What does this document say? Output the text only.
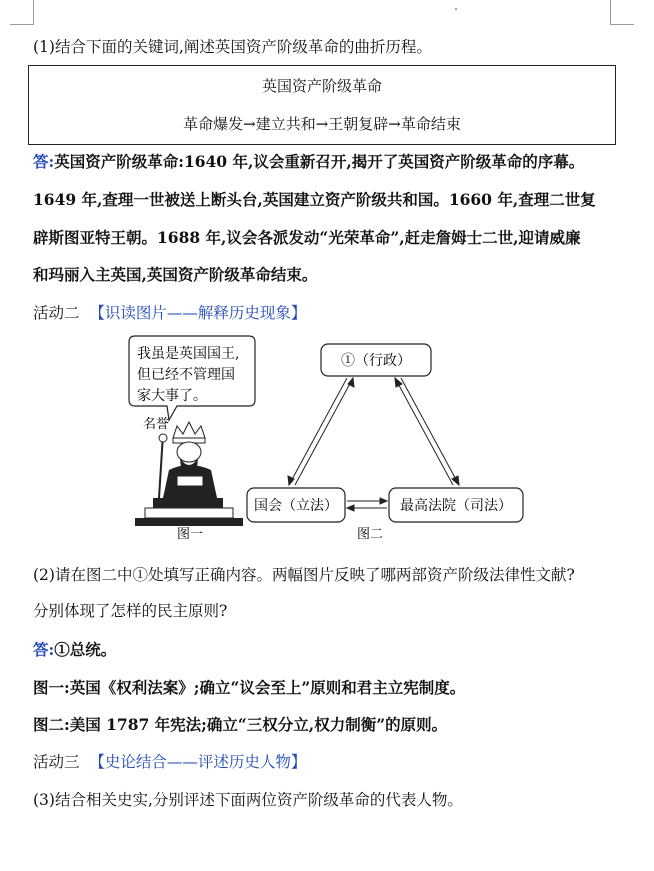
(1)结合下面的关键词,阐述英国资产阶级革命的曲折历程。
英国资产阶级革命
革命爆发→建立共和→王朝复辟→革命结束
答:英国资产阶级革命:1640 年,议会重新召开,揭开了英国资产阶级革命的序幕。
1649 年,查理一世被送上断头台,英国建立资产阶级共和国。1660 年,查理二世复
辟斯图亚特王朝。1688 年,议会各派发动“光荣革命”,赶走詹姆士二世,迎请威廉
和玛丽入主英国,英国资产阶级革命结束。
活动二 【识读图片——解释历史现象】
我虽是英国国王,
但已经不管理国
家大事了。
名誉
图一
①（行政）
国会（立法）	最高法院（司法）
图二
(2)请在图二中①处填写正确内容。两幅图片反映了哪两部资产阶级法律性文献?
分别体现了怎样的民主原则?
答:①总统。
图一:英国《权利法案》;确立“议会至上”原则和君主立宪制度。
图二:美国 1787 年宪法;确立“三权分立,权力制衡”的原则。
活动三 【史论结合——评述历史人物】
(3)结合相关史实,分别评述下面两位资产阶级革命的代表人物。
